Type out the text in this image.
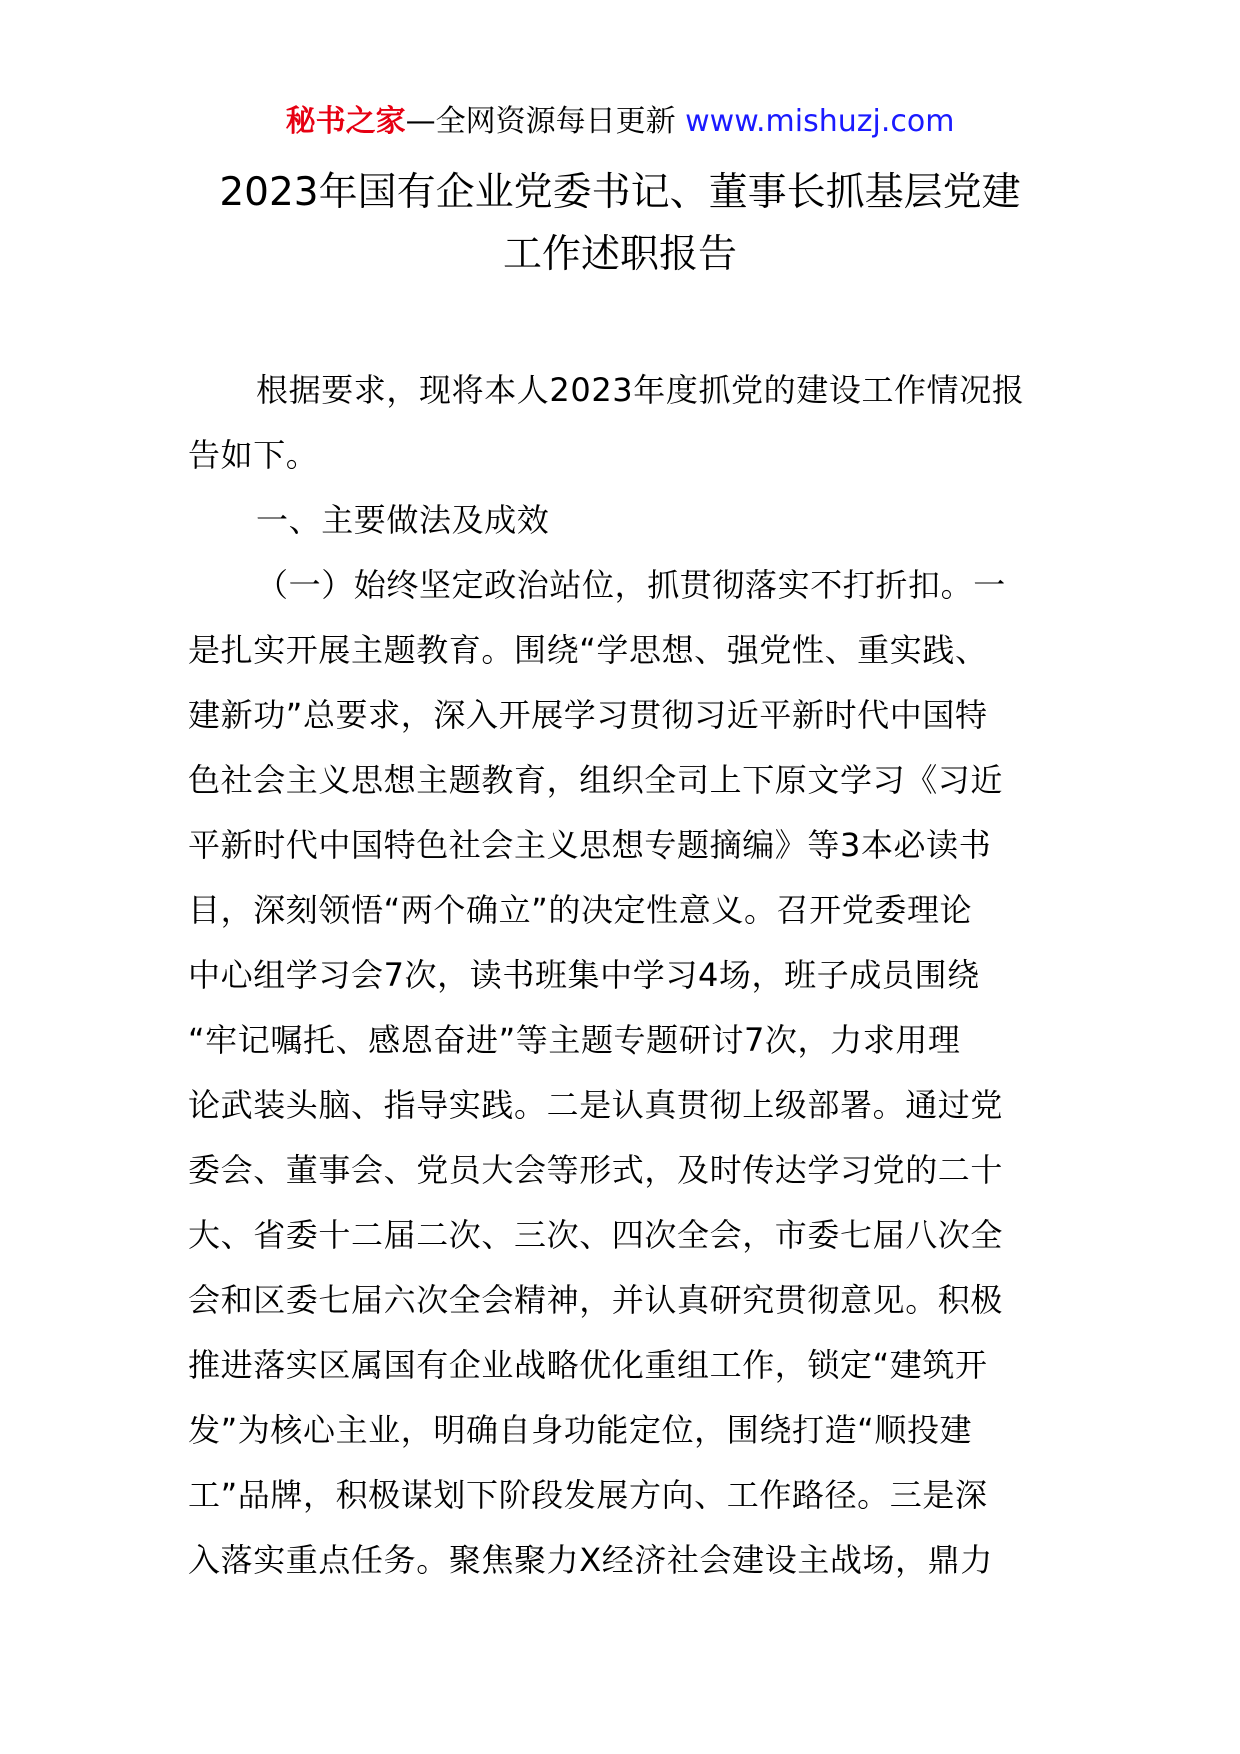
秘书之家—全网资源每日更新 www.mishuzj.com
2023年国有企业党委书记、董事长抓基层党建
工作述职报告
根据要求，现将本人2023年度抓党的建设工作情况报
告如下。
一、主要做法及成效
（一）始终坚定政治站位，抓贯彻落实不打折扣。一
是扎实开展主题教育。围绕“学思想、强党性、重实践、
建新功”总要求，深入开展学习贯彻习近平新时代中国特
色社会主义思想主题教育，组织全司上下原文学习《习近
平新时代中国特色社会主义思想专题摘编》等3本必读书
目，深刻领悟“两个确立”的决定性意义。召开党委理论
中心组学习会7次，读书班集中学习4场，班子成员围绕
“牢记嘱托、感恩奋进”等主题专题研讨7次，力求用理
论武装头脑、指导实践。二是认真贯彻上级部署。通过党
委会、董事会、党员大会等形式，及时传达学习党的二十
大、省委十二届二次、三次、四次全会，市委七届八次全
会和区委七届六次全会精神，并认真研究贯彻意见。积极
推进落实区属国有企业战略优化重组工作，锁定“建筑开
发”为核心主业，明确自身功能定位，围绕打造“顺投建
工”品牌，积极谋划下阶段发展方向、工作路径。三是深
入落实重点任务。聚焦聚力X经济社会建设主战场，鼎力
